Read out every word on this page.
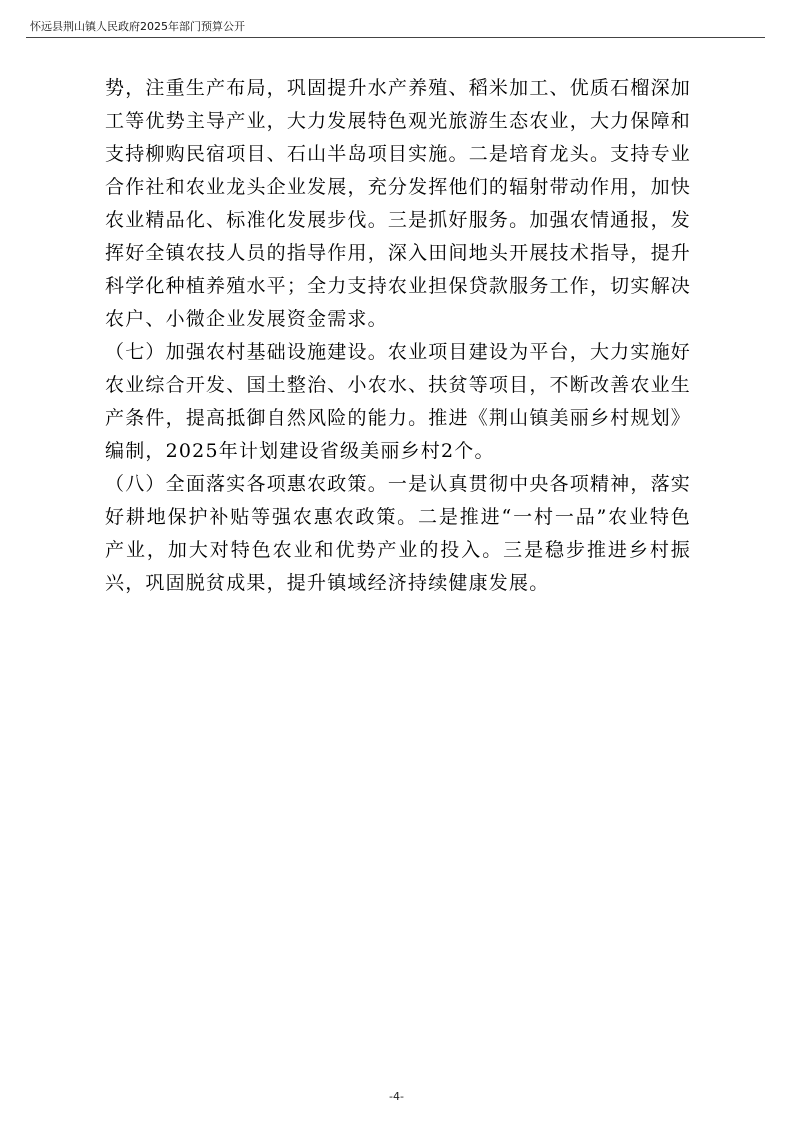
怀远县荆山镇人民政府2025年部门预算公开

势，注重生产布局，巩固提升水产养殖、稻米加工、优质石榴深加工等优势主导产业，大力发展特色观光旅游生态农业，大力保障和支持柳购民宿项目、石山半岛项目实施。二是培育龙头。支持专业合作社和农业龙头企业发展，充分发挥他们的辐射带动作用，加快农业精品化、标准化发展步伐。三是抓好服务。加强农情通报，发挥好全镇农技人员的指导作用，深入田间地头开展技术指导，提升科学化种植养殖水平；全力支持农业担保贷款服务工作，切实解决农户、小微企业发展资金需求。

（七）加强农村基础设施建设。农业项目建设为平台，大力实施好农业综合开发、国土整治、小农水、扶贫等项目，不断改善农业生产条件，提高抵御自然风险的能力。推进《荆山镇美丽乡村规划》编制，2025年计划建设省级美丽乡村2个。

（八）全面落实各项惠农政策。一是认真贯彻中央各项精神，落实好耕地保护补贴等强农惠农政策。二是推进“一村一品”农业特色产业，加大对特色农业和优势产业的投入。三是稳步推进乡村振兴，巩固脱贫成果，提升镇域经济持续健康发展。

-4-
